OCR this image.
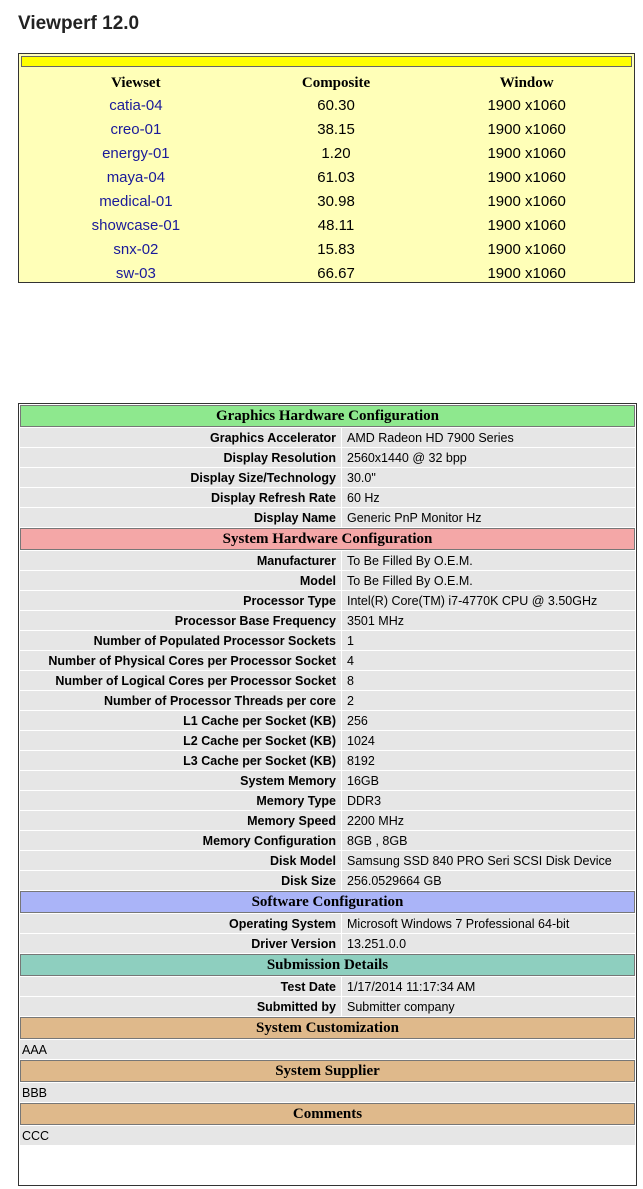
Viewperf 12.0
Viewset	Composite	Window
catia-04	60.30	1900 x1060
creo-01	38.15	1900 x1060
energy-01	1.20	1900 x1060
maya-04	61.03	1900 x1060
medical-01	30.98	1900 x1060
showcase-01	48.11	1900 x1060
snx-02	15.83	1900 x1060
sw-03	66.67	1900 x1060
Graphics Hardware Configuration	
Graphics Accelerator	AMD Radeon HD 7900 Series
Display Resolution	2560x1440 @ 32 bpp
Display Size/Technology	30.0"
Display Refresh Rate	60 Hz
Display Name	Generic PnP Monitor Hz
System Hardware Configuration	
Manufacturer	To Be Filled By O.E.M.
Model	To Be Filled By O.E.M.
Processor Type	Intel(R) Core(TM) i7-4770K CPU @ 3.50GHz
Processor Base Frequency	3501 MHz
Number of Populated Processor Sockets	1
Number of Physical Cores per Processor Socket	4
Number of Logical Cores per Processor Socket	8
Number of Processor Threads per core	2
L1 Cache per Socket (KB)	256
L2 Cache per Socket (KB)	1024
L3 Cache per Socket (KB)	8192
System Memory	16GB
Memory Type	DDR3
Memory Speed	2200 MHz
Memory Configuration	8GB , 8GB
Disk Model	Samsung SSD 840 PRO Seri SCSI Disk Device
Disk Size	256.0529664 GB
Software Configuration	
Operating System	Microsoft Windows 7 Professional 64-bit
Driver Version	13.251.0.0
Submission Details	
Test Date	1/17/2014 11:17:34 AM
Submitted by	Submitter company
System Customization	
AAA	
System Supplier	
BBB	
Comments	
CCC	
